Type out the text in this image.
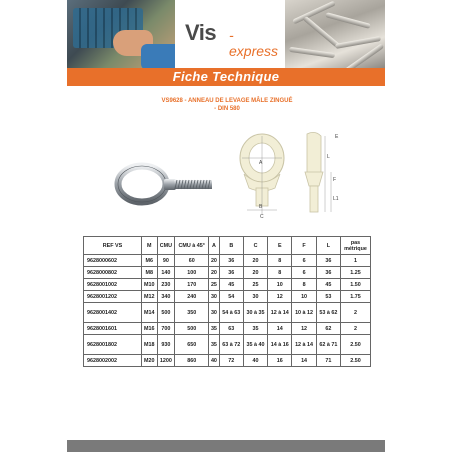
Vis -express
Fiche Technique
VS9628 - ANNEAU DE LEVAGE MÂLE ZINGUÉ
- DIN 580
A
B
C
E
F
L
L1
REF VS	M	CMU	CMU à 45°	A	B	C	E	F	L	pas métrique
9628000602	M6	90	60	20	36	20	8	6	36	1
9628000802	M8	140	100	20	36	20	8	6	36	1.25
9628001002	M10	230	170	25	45	25	10	8	45	1.50
9628001202	M12	340	240	30	54	30	12	10	53	1.75
9628001402	M14	500	350	30	54 à 63	30 à 35	12 à 14	10 à 12	53 à 62	2
9628001601	M16	700	500	35	63	35	14	12	62	2
9628001802	M18	930	650	35	63 à 72	35 à 40	14 à 16	12 à 14	62 à 71	2.50
9628002002	M20	1200	860	40	72	40	16	14	71	2.50
